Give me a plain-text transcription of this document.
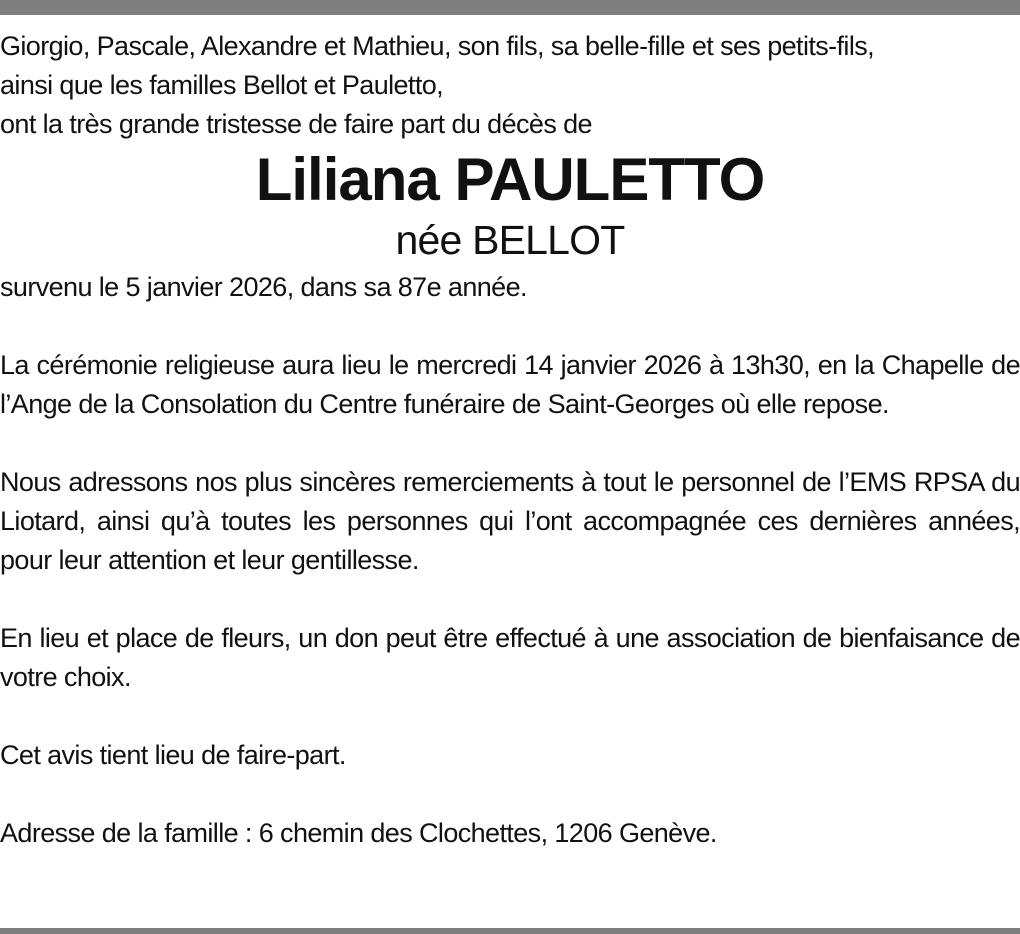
Giorgio, Pascale, Alexandre et Mathieu, son fils, sa belle-fille et ses petits-fils,
ainsi que les familles Bellot et Pauletto,
ont la très grande tristesse de faire part du décès de
Liliana PAULETTO
née BELLOT
survenu le 5 janvier 2026, dans sa 87e année.
La cérémonie religieuse aura lieu le mercredi 14 janvier 2026 à 13h30, en la Chapelle de l’Ange de la Consolation du Centre funéraire de Saint-Georges où elle repose.
Nous adressons nos plus sincères remerciements à tout le personnel de l’EMS RPSA du Liotard, ainsi qu’à toutes les personnes qui l’ont accompagnée ces dernières années, pour leur attention et leur gentillesse.
En lieu et place de fleurs, un don peut être effectué à une association de bienfaisance de votre choix.
Cet avis tient lieu de faire-part.
Adresse de la famille : 6 chemin des Clochettes, 1206 Genève.
